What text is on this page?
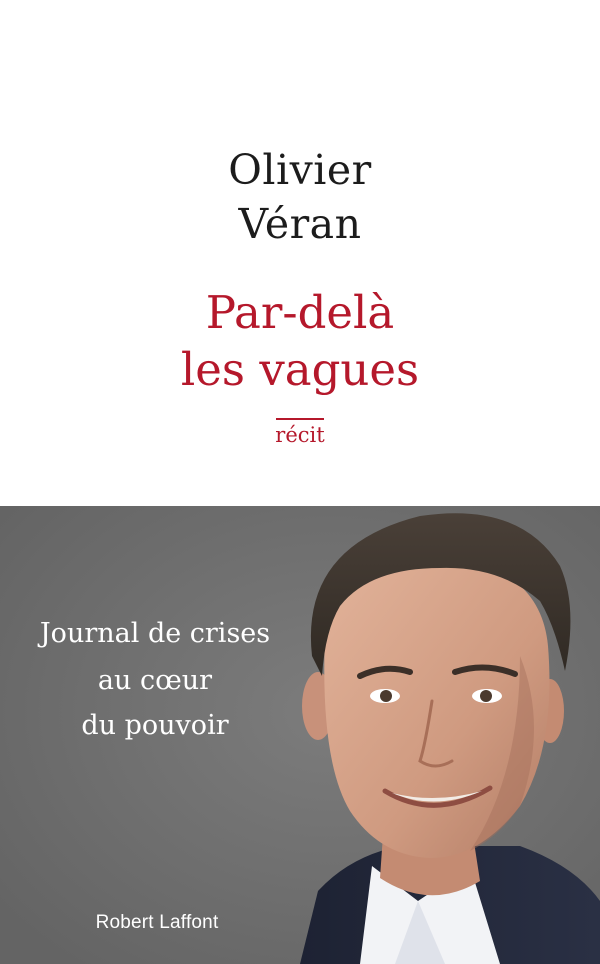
Olivier
Véran
Par-delà
les vagues
récit
Journal de crises
au cœur
du pouvoir
Robert Laffont
